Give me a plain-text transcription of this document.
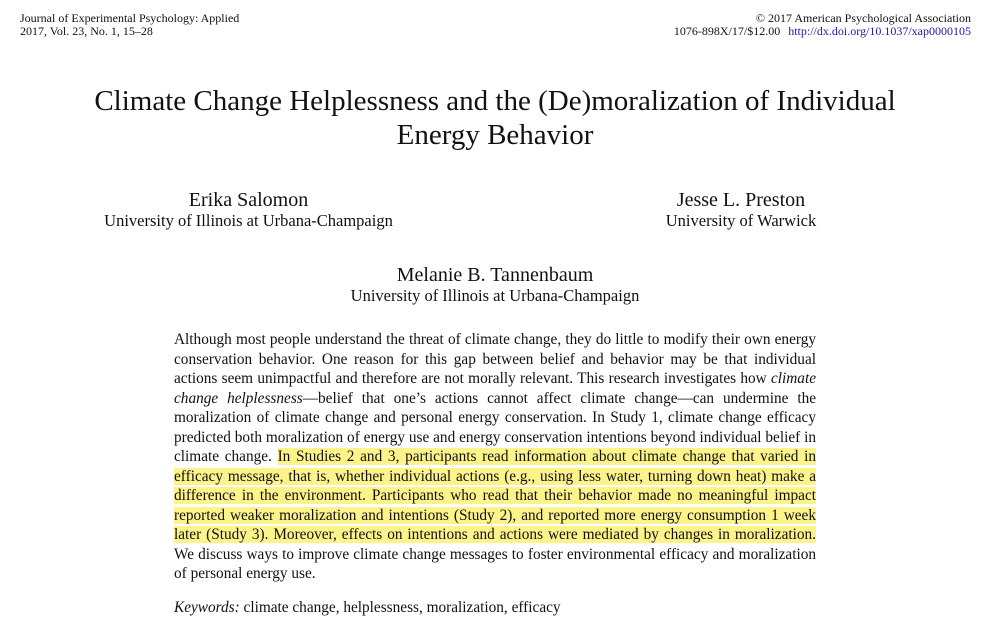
Journal of Experimental Psychology: Applied
2017, Vol. 23, No. 1, 15–28
© 2017 American Psychological Association
1076-898X/17/$12.00 http://dx.doi.org/10.1037/xap0000105
Climate Change Helplessness and the (De)moralization of Individual
Energy Behavior
Erika Salomon
University of Illinois at Urbana-Champaign
Jesse L. Preston
University of Warwick
Melanie B. Tannenbaum
University of Illinois at Urbana-Champaign

Although most people understand the threat of climate change, they do little to modify their own energy conservation behavior. One reason for this gap between belief and behavior may be that individual actions seem unimpactful and therefore are not morally relevant. This research investigates how climate change helplessness—belief that one’s actions cannot affect climate change—can undermine the moralization of climate change and personal energy conservation. In Study 1, climate change efficacy predicted both moralization of energy use and energy conservation intentions beyond individual belief in climate change. In Studies 2 and 3, participants read information about climate change that varied in efficacy message, that is, whether individual actions (e.g., using less water, turning down heat) make a difference in the environment. Participants who read that their behavior made no meaningful impact reported weaker moralization and intentions (Study 2), and reported more energy consumption 1 week later (Study 3). Moreover, effects on intentions and actions were mediated by changes in moralization. We discuss ways to improve climate change messages to foster environmental efficacy and moralization of personal energy use.

Keywords: climate change, helplessness, moralization, efficacy
